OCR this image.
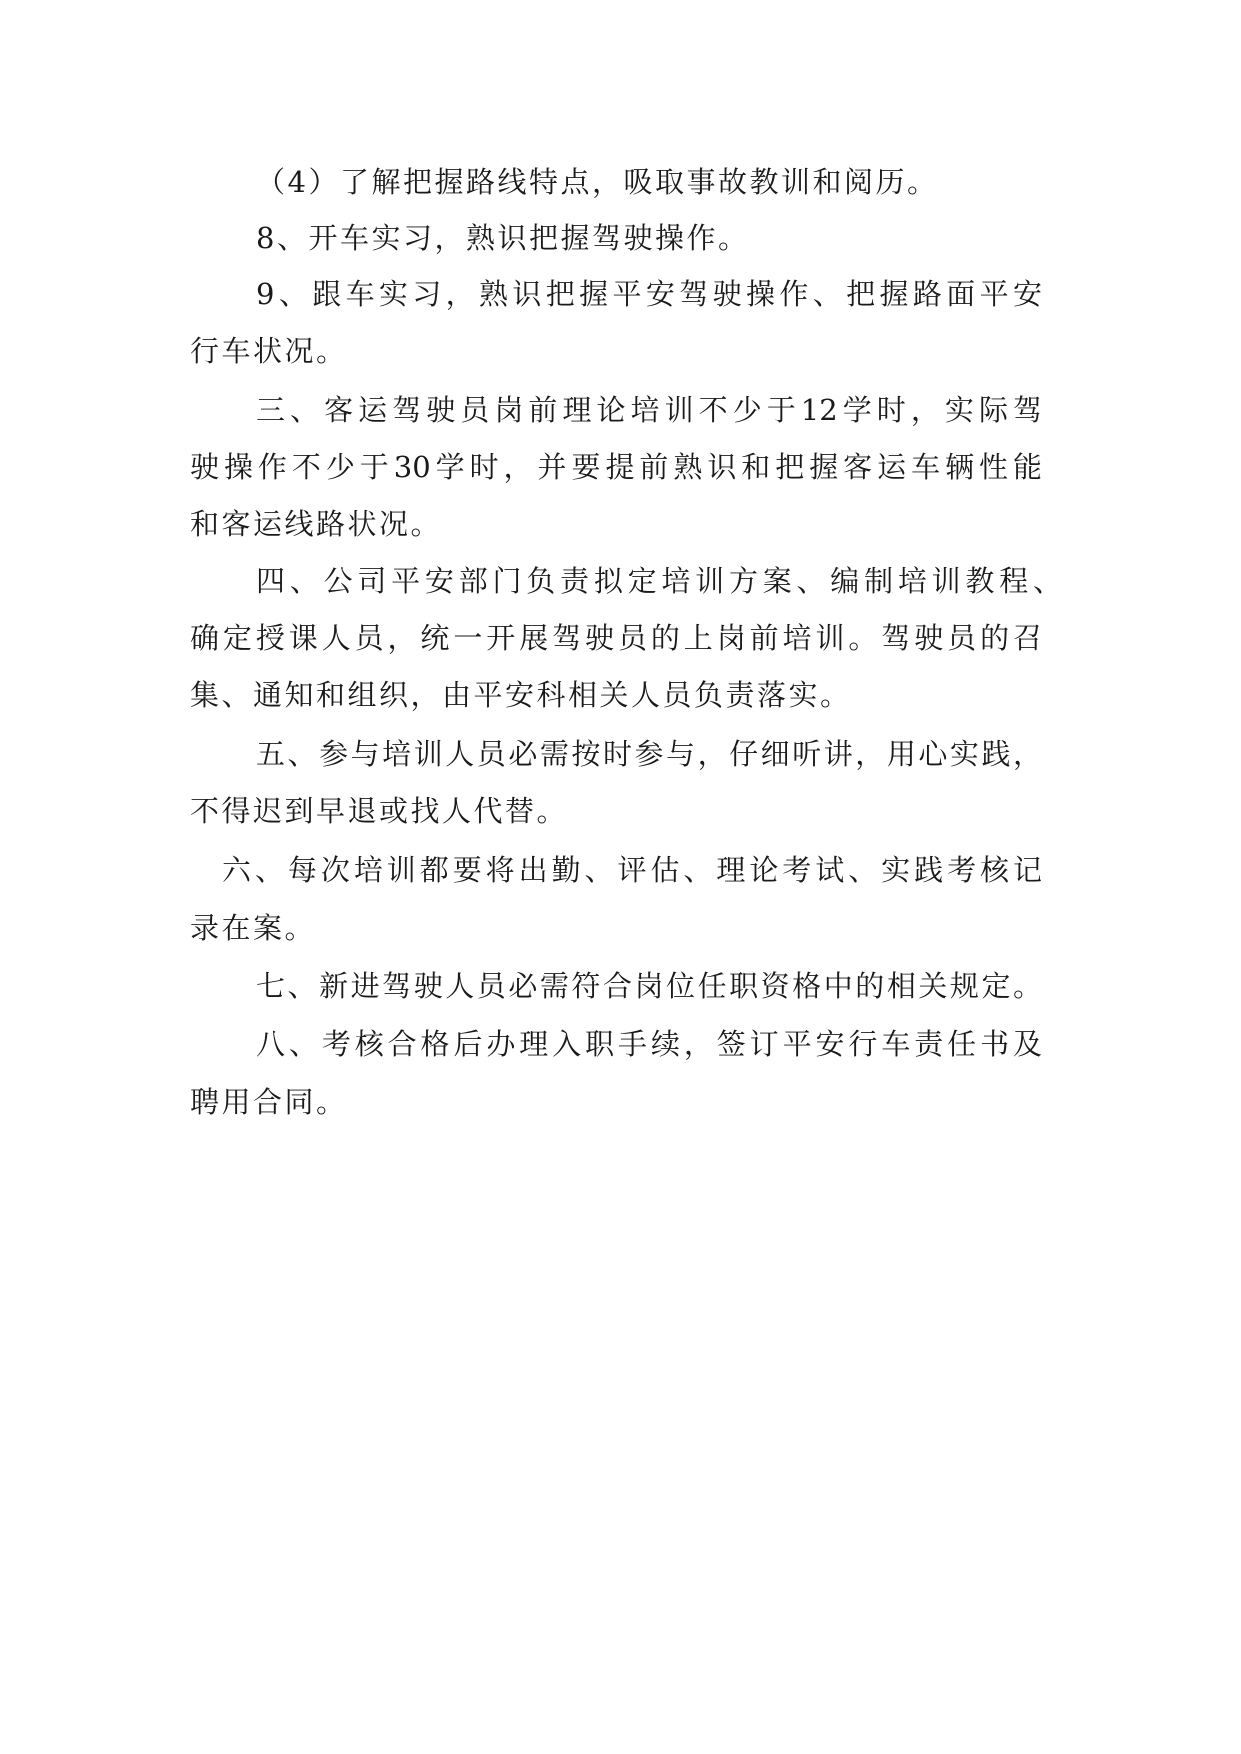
（4）了解把握路线特点，吸取事故教训和阅历。
8、开车实习，熟识把握驾驶操作。
9、跟车实习，熟识把握平安驾驶操作、把握路面平安
行车状况。
三、客运驾驶员岗前理论培训不少于12学时，实际驾
驶操作不少于30学时，并要提前熟识和把握客运车辆性能
和客运线路状况。
四、公司平安部门负责拟定培训方案、编制培训教程、
确定授课人员，统一开展驾驶员的上岗前培训。驾驶员的召
集、通知和组织，由平安科相关人员负责落实。
五、参与培训人员必需按时参与，仔细听讲，用心实践，
不得迟到早退或找人代替。
六、每次培训都要将出勤、评估、理论考试、实践考核记
录在案。
七、新进驾驶人员必需符合岗位任职资格中的相关规定。
八、考核合格后办理入职手续，签订平安行车责任书及
聘用合同。
